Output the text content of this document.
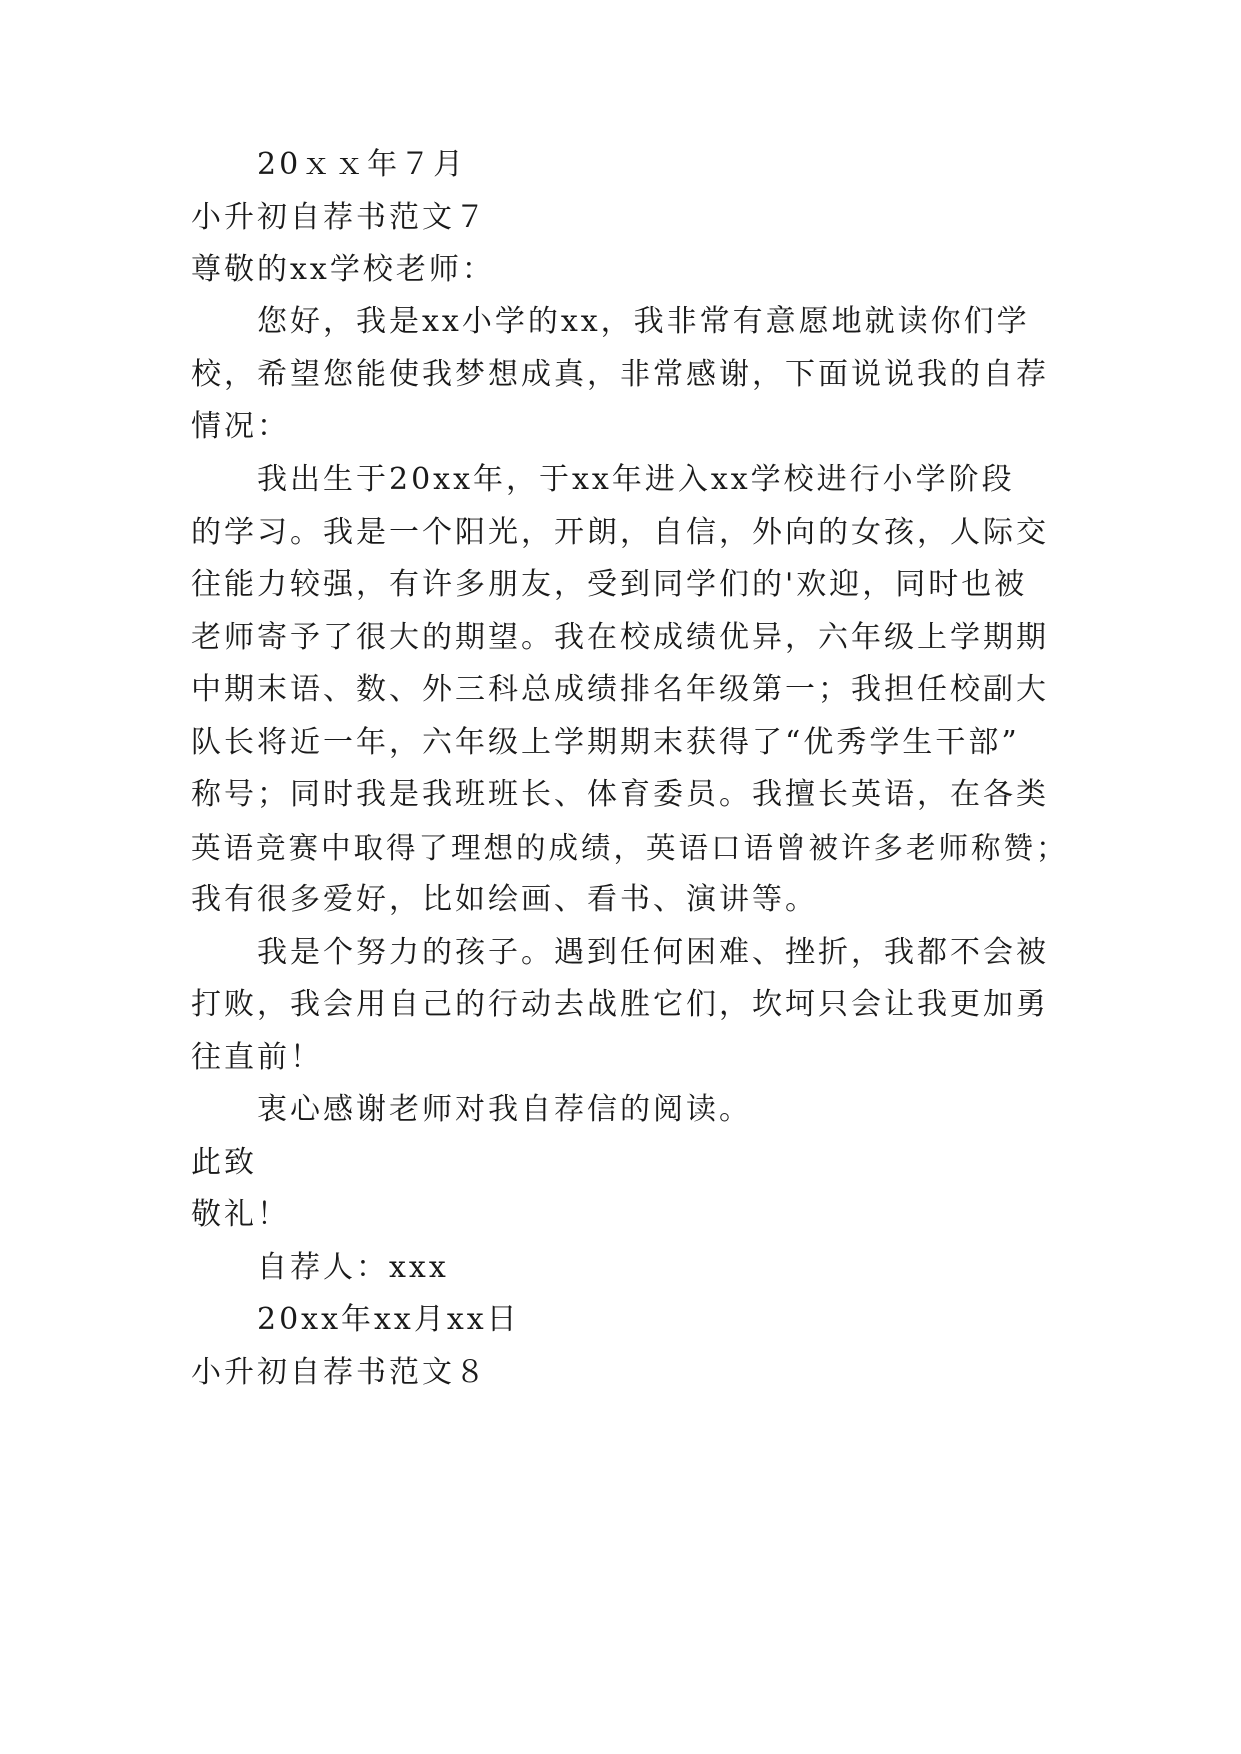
20ｘｘ年７月
小升初自荐书范文７
尊敬的xx学校老师：
您好，我是xx小学的xx，我非常有意愿地就读你们学
校，希望您能使我梦想成真，非常感谢，下面说说我的自荐
情况：
我出生于20xx年，于xx年进入xx学校进行小学阶段
的学习。我是一个阳光，开朗，自信，外向的女孩，人际交
往能力较强，有许多朋友，受到同学们的'欢迎，同时也被
老师寄予了很大的期望。我在校成绩优异，六年级上学期期
中期末语、数、外三科总成绩排名年级第一；我担任校副大
队长将近一年，六年级上学期期末获得了“优秀学生干部”
称号；同时我是我班班长、体育委员。我擅长英语，在各类
英语竞赛中取得了理想的成绩，英语口语曾被许多老师称赞；
我有很多爱好，比如绘画、看书、演讲等。
我是个努力的孩子。遇到任何困难、挫折，我都不会被
打败，我会用自己的行动去战胜它们，坎坷只会让我更加勇
往直前！
衷心感谢老师对我自荐信的阅读。
此致
敬礼！
自荐人：xxx
20xx年xx月xx日
小升初自荐书范文８
